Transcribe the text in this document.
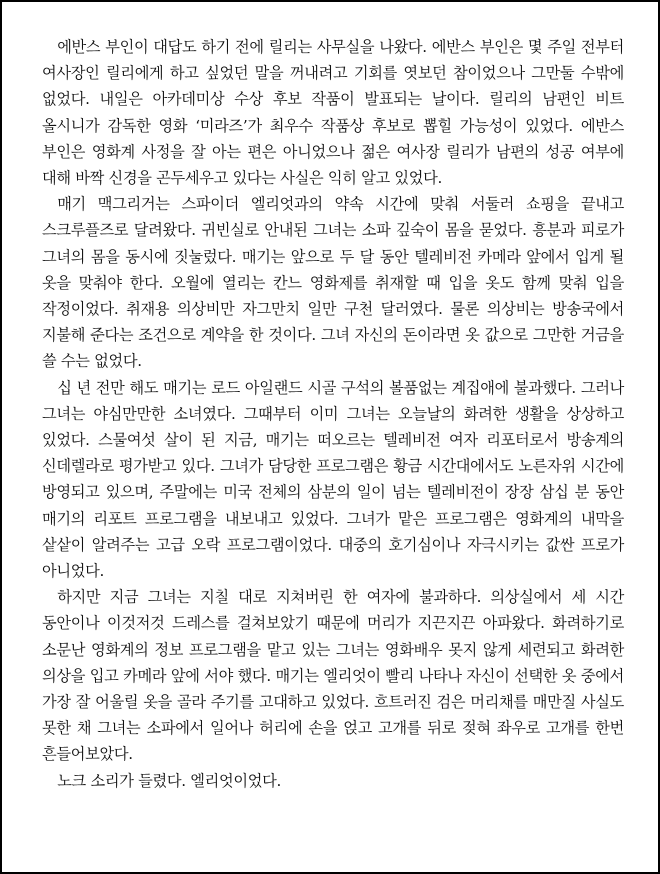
에반스 부인이 대답도 하기 전에 릴리는 사무실을 나왔다. 에반스 부인은 몇 주일 전부터 여사장인 릴리에게 하고 싶었던 말을 꺼내려고 기회를 엿보던 참이었으나 그만둘 수밖에 없었다. 내일은 아카데미상 수상 후보 작품이 발표되는 날이다. 릴리의 남편인 비트 올시니가 감독한 영화 ‘미라즈’가 최우수 작품상 후보로 뽑힐 가능성이 있었다. 에반스 부인은 영화계 사정을 잘 아는 편은 아니었으나 젊은 여사장 릴리가 남편의 성공 여부에 대해 바짝 신경을 곤두세우고 있다는 사실은 익히 알고 있었다.

매기 맥그리거는 스파이더 엘리엇과의 약속 시간에 맞춰 서둘러 쇼핑을 끝내고 스크루플즈로 달려왔다. 귀빈실로 안내된 그녀는 소파 깊숙이 몸을 묻었다. 흥분과 피로가 그녀의 몸을 동시에 짓눌렀다. 매기는 앞으로 두 달 동안 텔레비전 카메라 앞에서 입게 될 옷을 맞춰야 한다. 오월에 열리는 칸느 영화제를 취재할 때 입을 옷도 함께 맞춰 입을 작정이었다. 취재용 의상비만 자그만치 일만 구천 달러였다. 물론 의상비는 방송국에서 지불해 준다는 조건으로 계약을 한 것이다. 그녀 자신의 돈이라면 옷 값으로 그만한 거금을 쓸 수는 없었다.

십 년 전만 해도 매기는 로드 아일랜드 시골 구석의 볼품없는 계집애에 불과했다. 그러나 그녀는 야심만만한 소녀였다. 그때부터 이미 그녀는 오늘날의 화려한 생활을 상상하고 있었다. 스물여섯 살이 된 지금, 매기는 떠오르는 텔레비전 여자 리포터로서 방송계의 신데렐라로 평가받고 있다. 그녀가 담당한 프로그램은 황금 시간대에서도 노른자위 시간에 방영되고 있으며, 주말에는 미국 전체의 삼분의 일이 넘는 텔레비전이 장장 삼십 분 동안 매기의 리포트 프로그램을 내보내고 있었다. 그녀가 맡은 프로그램은 영화계의 내막을 샅샅이 알려주는 고급 오락 프로그램이었다. 대중의 호기심이나 자극시키는 값싼 프로가 아니었다.

하지만 지금 그녀는 지칠 대로 지쳐버린 한 여자에 불과하다. 의상실에서 세 시간 동안이나 이것저것 드레스를 걸쳐보았기 때문에 머리가 지끈지끈 아파왔다. 화려하기로 소문난 영화계의 정보 프로그램을 맡고 있는 그녀는 영화배우 못지 않게 세련되고 화려한 의상을 입고 카메라 앞에 서야 했다. 매기는 엘리엇이 빨리 나타나 자신이 선택한 옷 중에서 가장 잘 어울릴 옷을 골라 주기를 고대하고 있었다. 흐트러진 검은 머리채를 매만질 사실도 못한 채 그녀는 소파에서 일어나 허리에 손을 얹고 고개를 뒤로 젖혀 좌우로 고개를 한번 흔들어보았다.

노크 소리가 들렸다. 엘리엇이었다.
